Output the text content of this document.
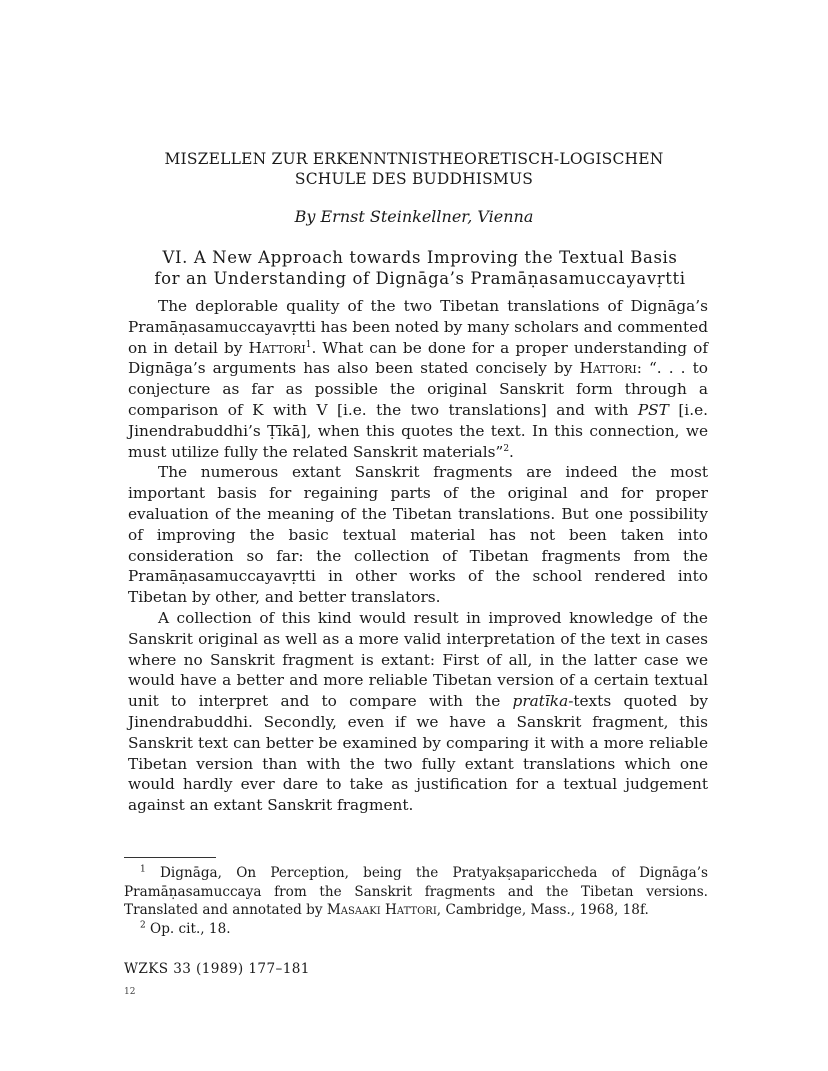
MISZELLEN ZUR ERKENNTNISTHEORETISCH-LOGISCHEN
SCHULE DES BUDDHISMUS
By Ernst Steinkellner, Vienna
VI. A New Approach towards Improving the Textual Basis
for an Understanding of Dignāga’s Pramāṇasamuccayavṛtti

The deplorable quality of the two Tibetan translations of Dignāga’s Pramāṇasamuccayavṛtti has been noted by many scholars and commented on in detail by Hattori$^1$. What can be done for a proper understanding of Dignāga’s arguments has also been stated concisely by Hattori: “. . . to conjecture as far as possible the original Sanskrit form through a comparison of K with V [i.e. the two translations] and with PST [i.e. Jinendrabuddhi’s Ṭīkā], when this quotes the text. In this connection, we must utilize fully the related Sanskrit materials”$^2$.

The numerous extant Sanskrit fragments are indeed the most important basis for regaining parts of the original and for proper evaluation of the meaning of the Tibetan translations. But one possibility of improving the basic textual material has not been taken into consideration so far: the collection of Tibetan fragments from the Pramāṇasamuccayavṛtti in other works of the school rendered into Tibetan by other, and better translators.

A collection of this kind would result in improved knowledge of the Sanskrit original as well as a more valid interpretation of the text in cases where no Sanskrit fragment is extant: First of all, in the latter case we would have a better and more reliable Tibetan version of a certain textual unit to interpret and to compare with the pratīka-texts quoted by Jinendrabuddhi. Secondly, even if we have a Sanskrit fragment, this Sanskrit text can better be examined by comparing it with a more reliable Tibetan version than with the two fully extant translations which one would hardly ever dare to take as justification for a textual judgement against an extant Sanskrit fragment.

$^1$ Dignāga, On Perception, being the Pratyakṣapariccheda of Dignāga’s Pramāṇasamuccaya from the Sanskrit fragments and the Tibetan versions. Translated and annotated by Masaaki Hattori, Cambridge, Mass., 1968, 18f.

$^2$ Op. cit., 18.

WZKS 33 (1989) 177–181
12
